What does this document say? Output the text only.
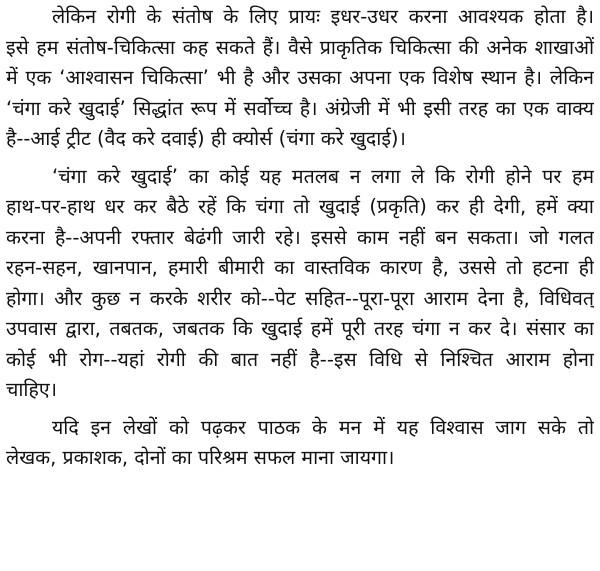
लेकिन रोगी के संतोष के लिए प्रायः इधर-उधर करना आवश्यक होता है।
इसे हम संतोष-चिकित्सा कह सकते हैं। वैसे प्राकृतिक चिकित्सा की अनेक शाखाओं
में एक ‘आश्वासन चिकित्सा’ भी है और उसका अपना एक विशेष स्थान है। लेकिन
‘चंगा करे खुदाई’ सिद्धांत रूप में सर्वोच्च है। अंग्रेजी में भी इसी तरह का एक वाक्य
है--आई ट्रीट (वैद करे दवाई) ही क्योर्स (चंगा करे खुदाई)।
‘चंगा करे खुदाई’ का कोई यह मतलब न लगा ले कि रोगी होने पर हम
हाथ-पर-हाथ धर कर बैठे रहें कि चंगा तो खुदाई (प्रकृति) कर ही देगी, हमें क्या
करना है--अपनी रफ्तार बेढंगी जारी रहे। इससे काम नहीं बन सकता। जो गलत
रहन-सहन, खानपान, हमारी बीमारी का वास्तविक कारण है, उससे तो हटना ही
होगा। और कुछ न करके शरीर को--पेट सहित--पूरा-पूरा आराम देना है, विधिवत्
उपवास द्वारा, तबतक, जबतक कि खुदाई हमें पूरी तरह चंगा न कर दे। संसार का
कोई भी रोग--यहां रोगी की बात नहीं है--इस विधि से निश्चित आराम होना
चाहिए।
यदि इन लेखों को पढ़कर पाठक के मन में यह विश्वास जाग सके तो
लेखक, प्रकाशक, दोनों का परिश्रम सफल माना जायगा।
